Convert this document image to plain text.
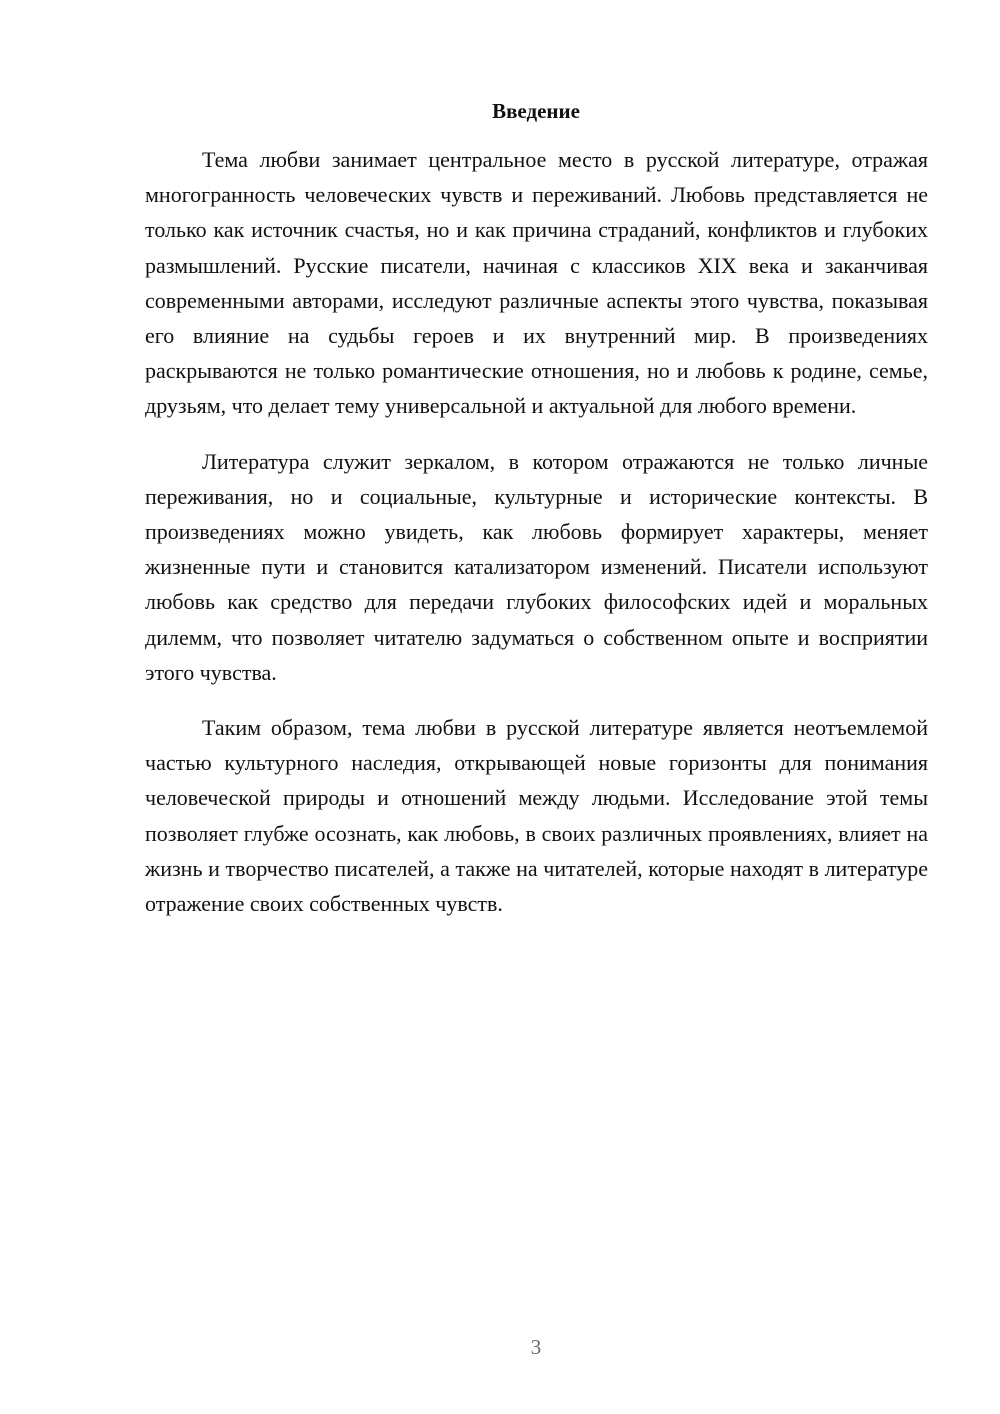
Введение

Тема любви занимает центральное место в русской литературе, отражая многогранность человеческих чувств и переживаний. Любовь представляется не только как источник счастья, но и как причина страданий, конфликтов и глубоких размышлений. Русские писатели, начиная с классиков XIX века и заканчивая современными авторами, исследуют различные аспекты этого чувства, показывая его влияние на судьбы героев и их внутренний мир. В произведениях раскрываются не только романтические отношения, но и любовь к родине, семье, друзьям, что делает тему универсальной и актуальной для любого времени.

Литература служит зеркалом, в котором отражаются не только личные переживания, но и социальные, культурные и исторические контексты. В произведениях можно увидеть, как любовь формирует характеры, меняет жизненные пути и становится катализатором изменений. Писатели используют любовь как средство для передачи глубоких философских идей и моральных дилемм, что позволяет читателю задуматься о собственном опыте и восприятии этого чувства.

Таким образом, тема любви в русской литературе является неотъемлемой частью культурного наследия, открывающей новые горизонты для понимания человеческой природы и отношений между людьми. Исследование этой темы позволяет глубже осознать, как любовь, в своих различных проявлениях, влияет на жизнь и творчество писателей, а также на читателей, которые находят в литературе отражение своих собственных чувств.

3
